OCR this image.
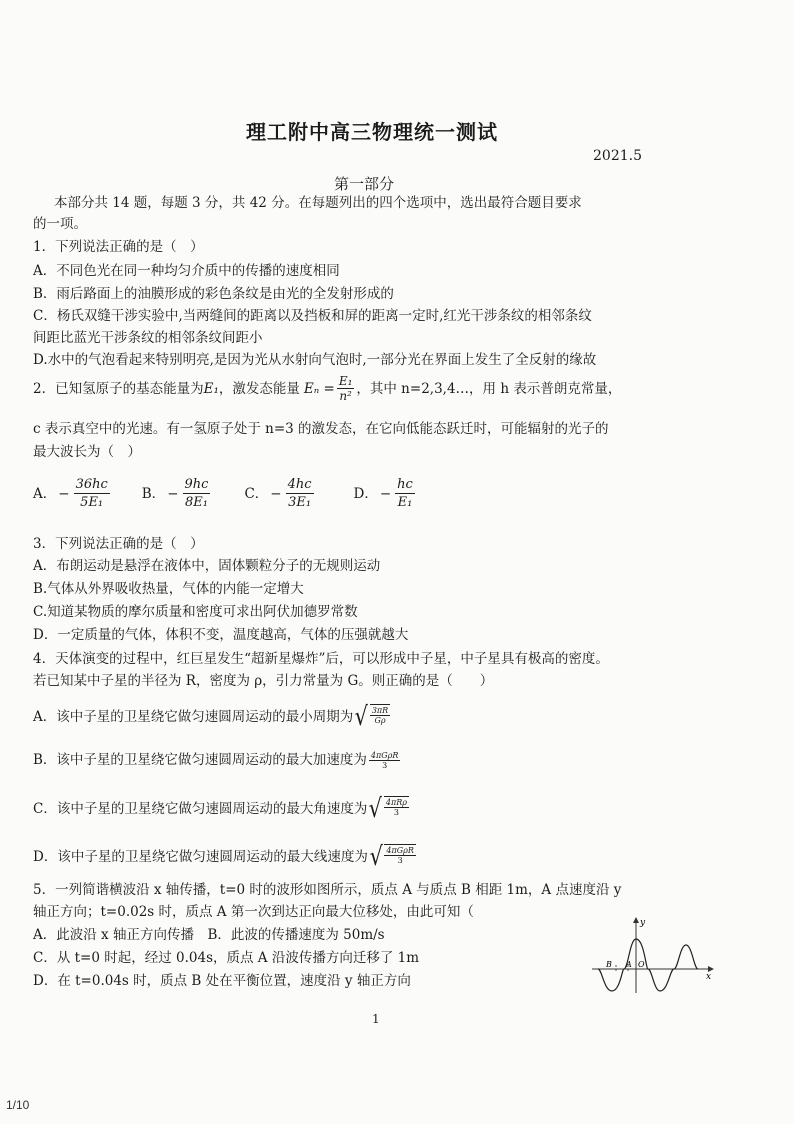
理工附中高三物理统一测试
2021.5
第一部分
本部分共 14 题，每题 3 分，共 42 分。在每题列出的四个选项中，选出最符合题目要求
的一项。
1．下列说法正确的是（　）
A．不同色光在同一种均匀介质中的传播的速度相同
B．雨后路面上的油膜形成的彩色条纹是由光的全发射形成的
C．杨氏双缝干涉实验中,当两缝间的距离以及挡板和屏的距离一定时,红光干涉条纹的相邻条纹
间距比蓝光干涉条纹的相邻条纹间距小
D.水中的气泡看起来特别明亮,是因为光从水射向气泡时,一部分光在界面上发生了全反射的缘故
2．已知氢原子的基态能量为 E₁ ，激发态能量 $E_n = \frac{\text{E₁}}{\text{n²}}$ ，其中 n=2,3,4…，用 h 表示普朗克常量，
c 表示真空中的光速。有一氢原子处于 n=3 的激发态，在它向低能态跃迁时，可能辐射的光子的
最大波长为（　）
A． − $\frac{36hc}{\text{5E₁}}$ B． − $\frac{9hc}{\text{8E₁}}$	C． − $\frac{4hc}{\text{3E₁}}$	D． − $\frac{hc}{\text{E₁}}$
3．下列说法正确的是（　）
A．布朗运动是悬浮在液体中，固体颗粒分子的无规则运动
B.气体从外界吸收热量，气体的内能一定增大
C.知道某物质的摩尔质量和密度可求出阿伏加德罗常数
D．一定质量的气体，体积不变，温度越高，气体的压强就越大
4．天体演变的过程中，红巨星发生“超新星爆炸”后，可以形成中子星，中子星具有极高的密度。
若已知某中子星的半径为 R，密度为 ρ，引力常量为 G。则正确的是（　　）
A．该中子星的卫星绕它做匀速圆周运动的最小周期为 √ $\frac{3\pi R}{G\rho}$
B．该中子星的卫星绕它做匀速圆周运动的最大加速度为 $\frac{\text{4πGρR}}{3}$
C．该中子星的卫星绕它做匀速圆周运动的最大角速度为 √ $\frac{\text{4πRρ}}{3}$
D．该中子星的卫星绕它做匀速圆周运动的最大线速度为 √ $\frac{\text{4πGρR}}{3}$
5．一列简谐横波沿 x 轴传播，t=0 时的波形如图所示，质点 A 与质点 B 相距 1m，A 点速度沿 y
轴正方向；t=0.02s 时，质点 A 第一次到达正向最大位移处，由此可知（
A．此波沿 x 轴正方向传播　B．此波的传播速度为 50m/s
C．从 t=0 时起，经过 0.04s，质点 A 沿波传播方向迁移了 1m
D．在 t=0.04s 时，质点 B 处在平衡位置，速度沿 y 轴正方向
y
x
B A O
1
1/10
